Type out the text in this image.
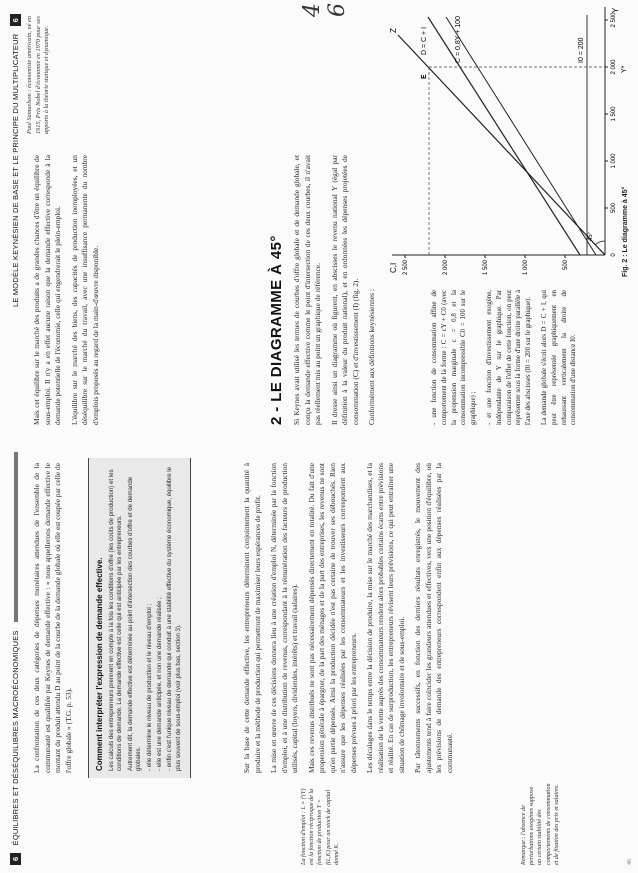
6 ÉQUILIBRES ET DÉSÉQUILIBRES MACROÉCONOMIQUES	La confrontation de ces deux catégories de dépenses monétaires attendues de l'ensemble de la communauté est qualifiée par Keynes de demande effective : « nous appellerons demande effective le montant du produit attendu D au point de la courbe de la demande globale où elle est coupée par celle de l'offre globale » (T.G. p. 53).	Comment interpréter l'expression de demande effective. Les calculs des entrepreneurs prennent en compte à la fois les conditions d'offre (les coûts de production) et les conditions de demande. La demande effective est celle qui est anticipée par les entrepreneurs. Autrement dit, la demande effective est déterminée au point d'intersection des courbes d'offre et de demande globales. - elle détermine le niveau de production et le niveau d'emploi ; - elle est une demande anticipée, et non une demande réalisée ; - enfin c'est l'unique niveau de demande qui conduit à une stabilité effective du système économique, équilibre le plus souvent de sous-emploi (voir plus bas, section 3).	Sur la base de cette demande effective, les entrepreneurs déterminent conjointement la quantité à produire et la méthode de production qui permettront de maximiser leurs espérances de profit. La mise en œuvre de ces décisions donnera lieu à une création d'emploi N, déterminée par la fonction d'emploi, et à une distribution de revenus, correspondant à la rémunération des facteurs de production utilisés, capital (loyers, dividendes, intérêts) et travail (salaires). Mais ces revenus distribués ne sont pas nécessairement dépensés directement en totalité. Du fait d'une propension générale à épargner, de la part des ménages et de la part des entreprises, les revenus ne sont qu'en partie dépensés. Ainsi la production décidée n'est pas certaine de trouver ses débouchés. Rien n'assure que les dépenses réalisées par les consommateurs et les investisseurs correspondent aux dépenses prévues à priori par les entrepreneurs. Les décalages dans le temps entre la décision de produire, la mise sur le marché des marchandises, et la réalisation de la vente auprès des consommateurs rendent alors probables certains écarts entre prévisions et réalité. En cas de surproduction, les entrepreneurs révisent leurs prévisions, ce qui peut entraîner une situation de chômage involontaire et de sous-emploi. Par tâtonnements successifs, en fonction des derniers résultats enregistrés, le mouvement des ajustements tend à faire coïncider les grandeurs attendues et effectives, vers une position d'équilibre, où les prévisions de demande des entrepreneurs correspondent enfin aux dépenses réalisées par la communauté.

La fonction d'emploi : L = f'(Y) est la fonction réciproque de la fonction de production Y = f(L,K) pour un stock de capital donné K.	Remarque : l'absence de perturbations exogènes suppose un certain stabilité des comportements de consommation et de fixation des prix et salaires.	46
LE MODÈLE KEYNÉSIEN DE BASE ET LE PRINCIPE DU MULTIPLICATEUR 6

Mais cet équilibre sur le marché des produits a de grandes chances d'être un équilibre de sous-emploi. Il n'y a en effet aucune raison que la demande effective corresponde à la demande potentielle de l'économie, celle qui engendrerait le plein-emploi. L'équilibre sur le marché des biens, des capacités de production inemployées, et un déséquilibre sur le marché du travail, avec une insuffisance permanente du nombre d'emplois proposés au regard de la main-d'œuvre disponible.

Paul Samuelson : économiste américain, né en 1915, Prix Nobel d'économie en 1970 pour ses apports à la théorie statique et dynamique.
2 - LE DIAGRAMME À 45° Si Keynes avait utilisé les termes de courbes d'offre globale et de demande globale, et conçu la demande effective comme le point d'intersection de ces deux courbes, il n'avait pas réellement mis au point un graphique de référence. Il dresse ainsi un diagramme où figurent, en abscisses le revenu national Y (égal par définition à la valeur du produit national), et en ordonnées les dépenses projetées de consommation (C) et d'investissement (I) (fig. 2). Conformément aux définitions keynésiennes :	- une fonction de consommation affine de comportement de la forme : C = cY + C0 (avec la propension marginale c = 0,8 et la consommation incompressible C0 = 100 sur le graphique) ; - et une fonction d'investissement exogène, indépendante de Y sur le graphique. Par comparaison de l'effet de cette fonction, on peut représenter sous la forme d'une droite parallèle à l'axe des abscisses (I0 = 200 sur le graphique). La demande globale s'écrit alors D = C + I, qui peut être représentée graphiquement en rehaussant verticalement la droite de consommation d'une distance I0.

C,I
Y
500
1 000
1 500
2 000
2 500
0
500
1 000
1 500
2 000
2 500
Z	D = C + I	C = 0,8Y + 100	I0 = 200
45°
E
Y*
Fig. 2 : Le diagramme à 45°
4 6
